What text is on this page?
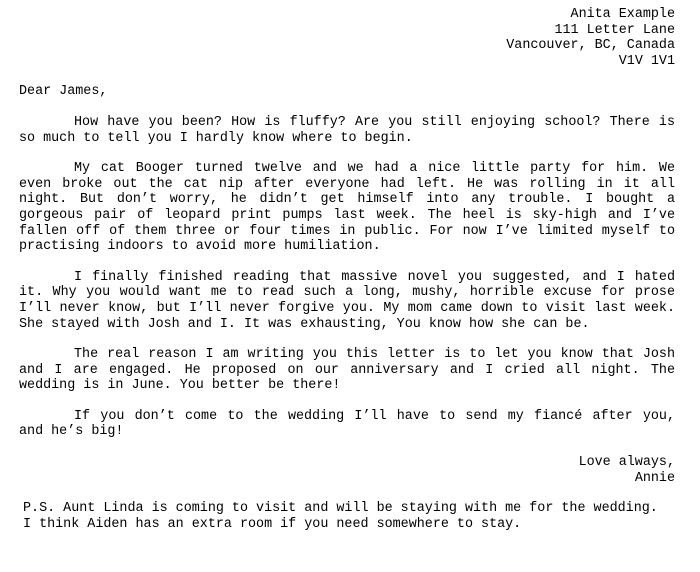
Anita Example
111 Letter Lane
Vancouver, BC, Canada
V1V 1V1
Dear James,

How have you been? How is fluffy? Are you still enjoying school? There is so much to tell you I hardly know where to begin.

My cat Booger turned twelve and we had a nice little party for him. We even broke out the cat nip after everyone had left. He was rolling in it all night. But don’t worry, he didn’t get himself into any trouble. I bought a gorgeous pair of leopard print pumps last week. The heel is sky-high and I’ve fallen off of them three or four times in public. For now I’ve limited myself to practising indoors to avoid more humiliation.

I finally finished reading that massive novel you suggested, and I hated it. Why you would want me to read such a long, mushy, horrible excuse for prose I’ll never know, but I’ll never forgive you. My mom came down to visit last week. She stayed with Josh and I. It was exhausting, You know how she can be.

The real reason I am writing you this letter is to let you know that Josh and I are engaged. He proposed on our anniversary and I cried all night. The wedding is in June. You better be there!

If you don’t come to the wedding I’ll have to send my fiancé after you, and he’s big!

Love always,
Annie
P.S. Aunt Linda is coming to visit and will be staying with me for the wedding.
I think Aiden has an extra room if you need somewhere to stay.
